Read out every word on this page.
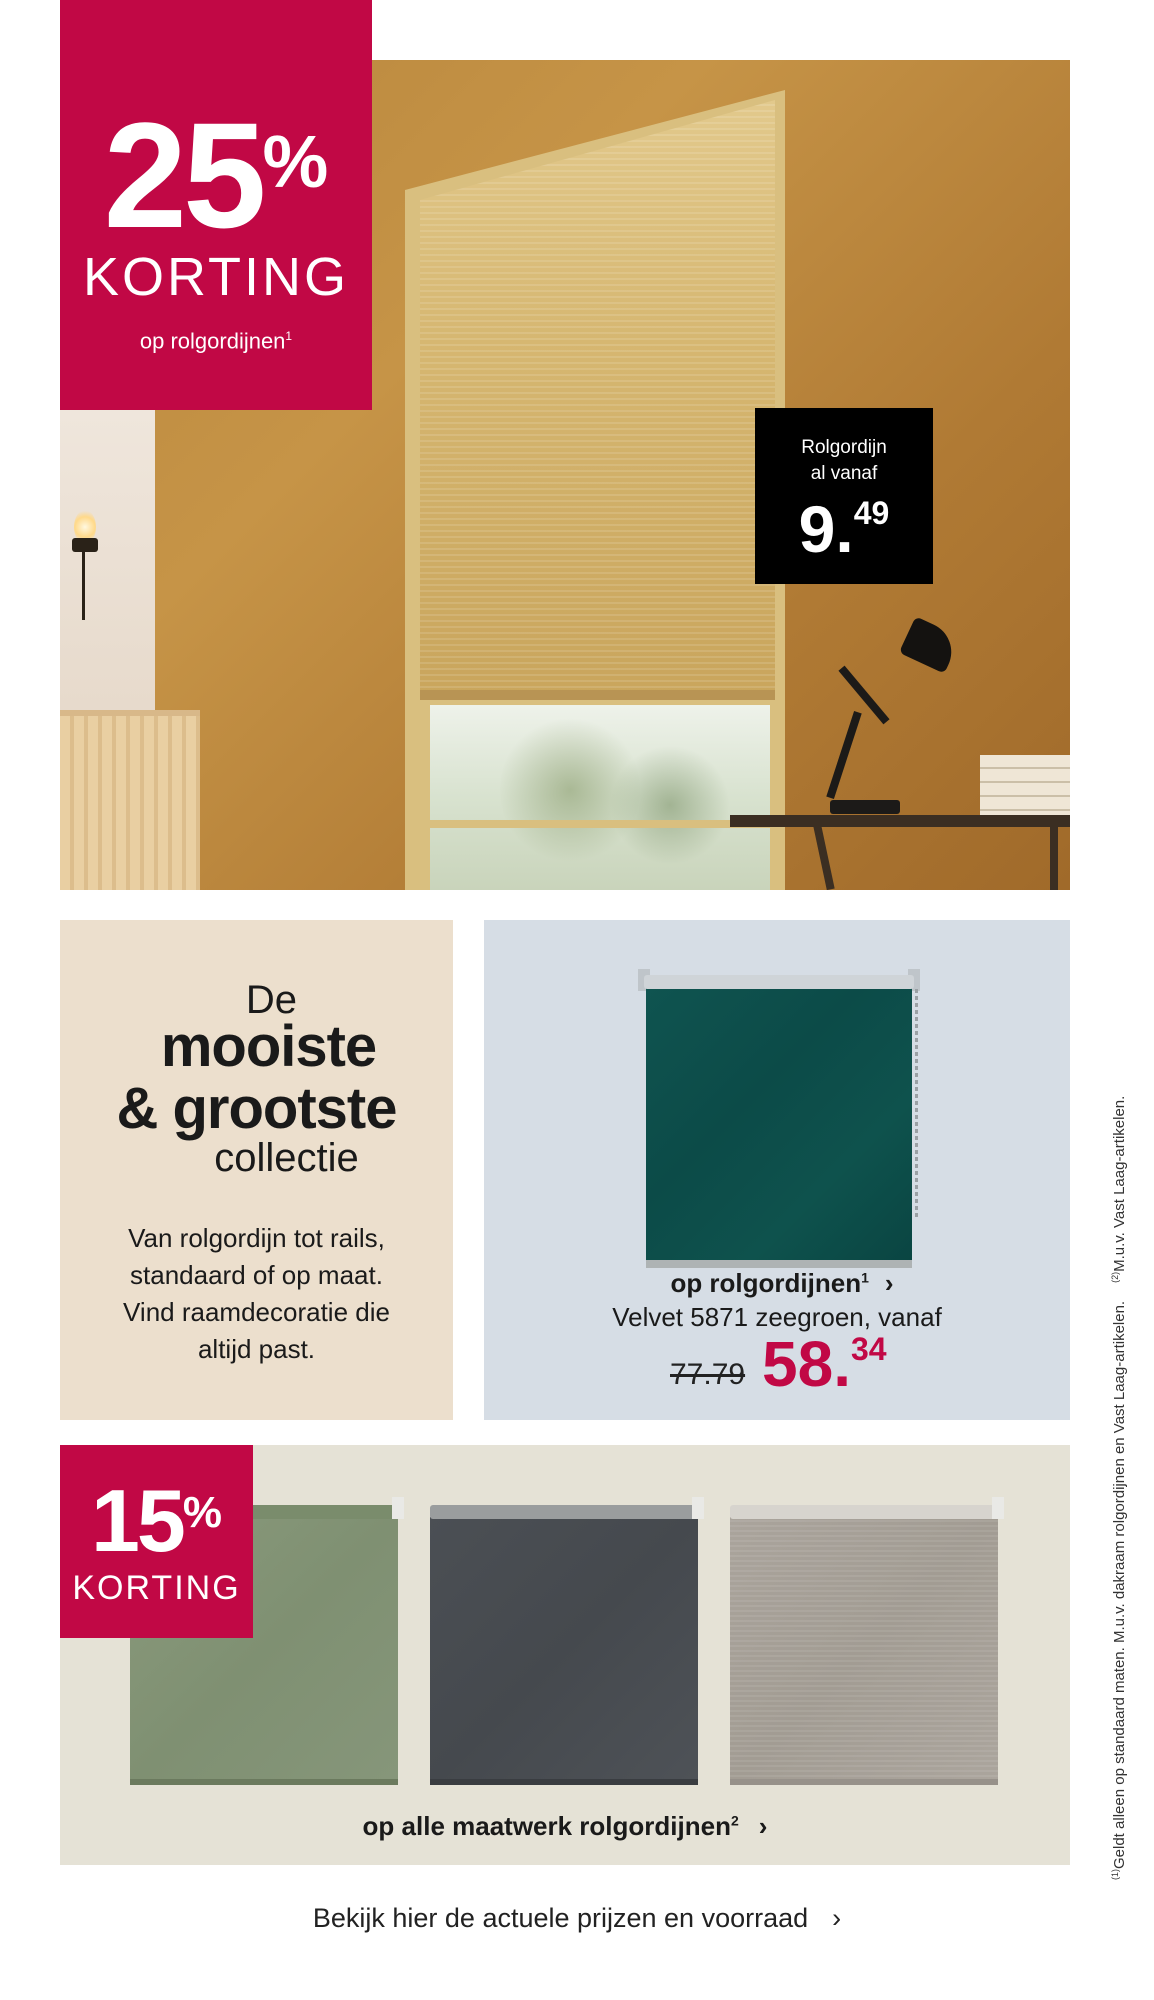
25%
KORTING
op rolgordijnen$^1$
Rolgordijn
al vanaf
9.49
De
mooiste
& grootste
collectie
Van rolgordijn tot rails,
standaard of op maat.
Vind raamdecoratie die
altijd past.
op rolgordijnen$^1$ ›
Velvet 5871 zeegroen, vanaf
77.79 58.34
15%
KORTING
op alle maatwerk rolgordijnen$^2$ ›
Bekijk hier de actuele prijzen en voorraad ›
$^{(1)}$Geldt alleen op standaard maten. M.u.v. dakraam rolgordijnen en Vast Laag-artikelen.$^{(2)}$M.u.v. Vast Laag-artikelen.
